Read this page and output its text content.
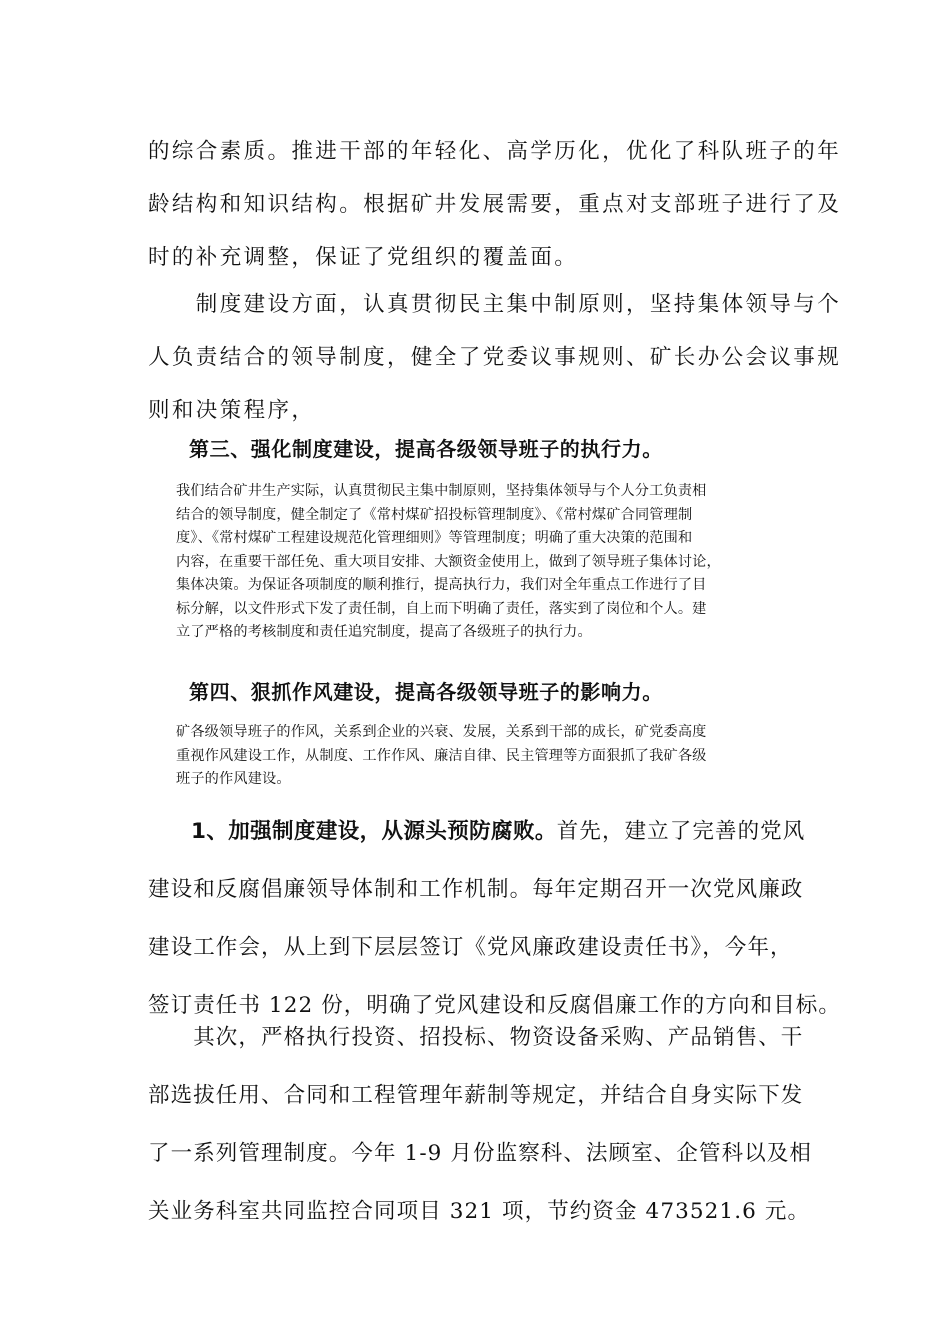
的综合素质。推进干部的年轻化、高学历化，优化了科队班子的年
龄结构和知识结构。根据矿井发展需要，重点对支部班子进行了及
时的补充调整，保证了党组织的覆盖面。
　　制度建设方面，认真贯彻民主集中制原则，坚持集体领导与个
人负责结合的领导制度，健全了党委议事规则、矿长办公会议事规
则和决策程序，
第三、强化制度建设，提高各级领导班子的执行力。
我们结合矿井生产实际，认真贯彻民主集中制原则，坚持集体领导与个人分工负责相
结合的领导制度，健全制定了《常村煤矿招投标管理制度》、《常村煤矿合同管理制
度》、《常村煤矿工程建设规范化管理细则》等管理制度；明确了重大决策的范围和
内容，在重要干部任免、重大项目安排、大额资金使用上，做到了领导班子集体讨论，
集体决策。为保证各项制度的顺利推行，提高执行力，我们对全年重点工作进行了目
标分解，以文件形式下发了责任制，自上而下明确了责任，落实到了岗位和个人。建
立了严格的考核制度和责任追究制度，提高了各级班子的执行力。
第四、狠抓作风建设，提高各级领导班子的影响力。
矿各级领导班子的作风，关系到企业的兴衰、发展，关系到干部的成长，矿党委高度
重视作风建设工作，从制度、工作作风、廉洁自律、民主管理等方面狠抓了我矿各级
班子的作风建设。
1、加强制度建设，从源头预防腐败。首先，建立了完善的党风
建设和反腐倡廉领导体制和工作机制。每年定期召开一次党风廉政
建设工作会，从上到下层层签订《党风廉政建设责任书》，今年，
签订责任书 122 份，明确了党风建设和反腐倡廉工作的方向和目标。
　　其次，严格执行投资、招投标、物资设备采购、产品销售、干
部选拔任用、合同和工程管理年薪制等规定，并结合自身实际下发
了一系列管理制度。今年 1-9 月份监察科、法顾室、企管科以及相
关业务科室共同监控合同项目 321 项，节约资金 473521.6 元。
